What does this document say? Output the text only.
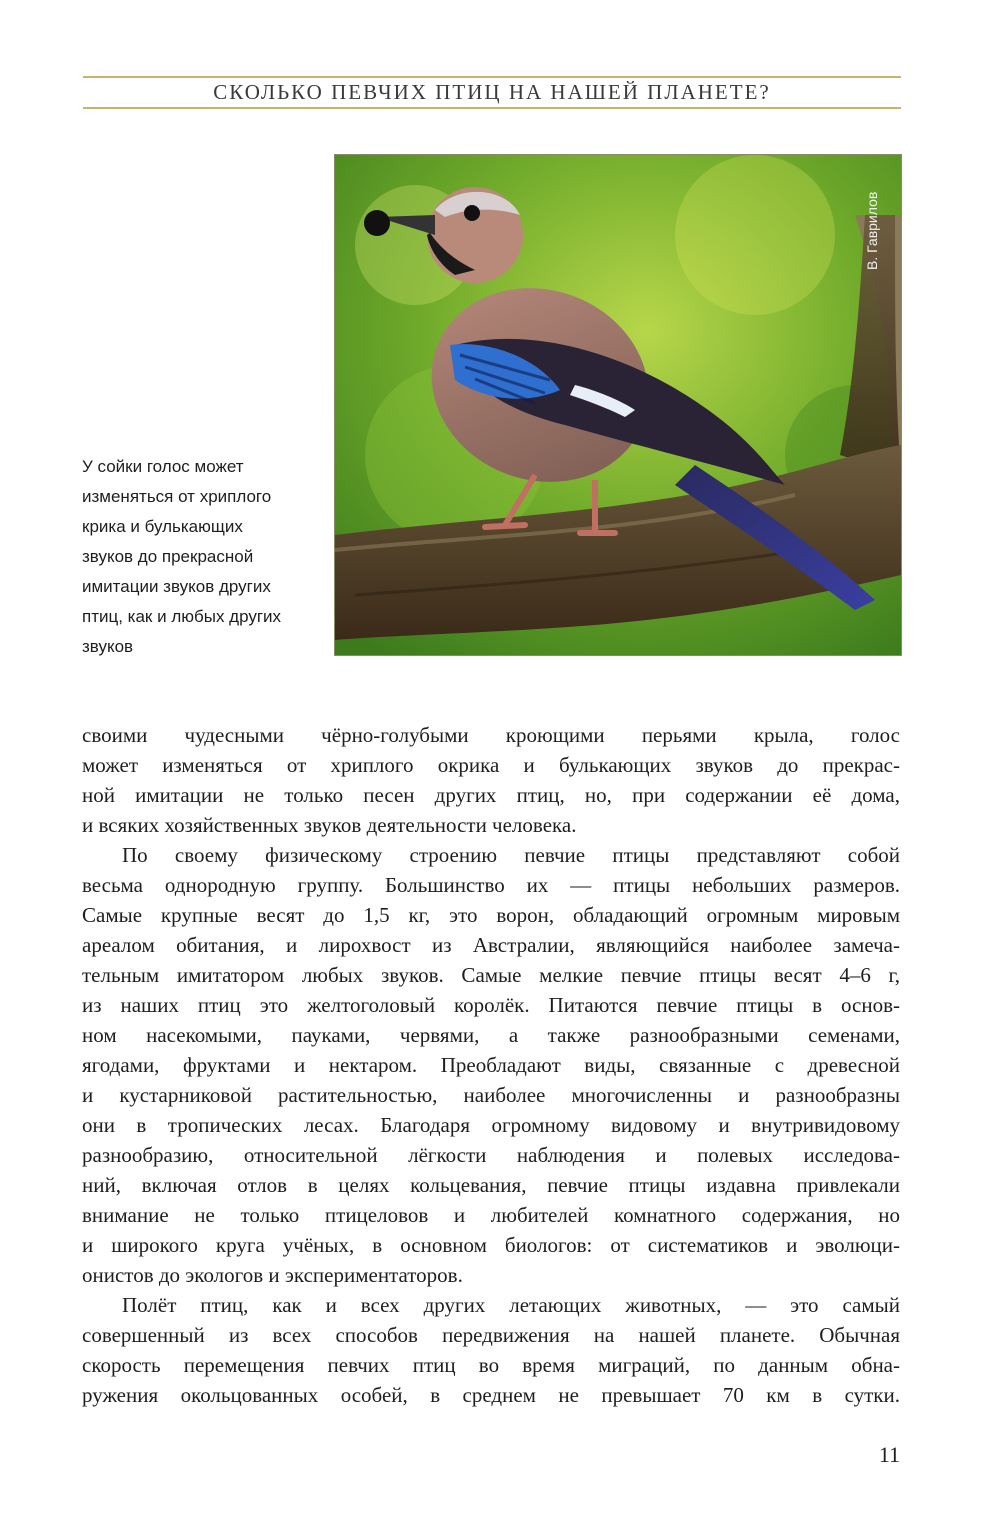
СКОЛЬКО ПЕВЧИХ ПТИЦ НА НАШЕЙ ПЛАНЕТЕ?
У сойки голос может
изменяться от хриплого
крика и булькающих
звуков до прекрасной
имитации звуков других
птиц, как и любых других
звуков
В. Гаврилов
своими чудесными чёрно-голубыми кроющими перьями крыла, голос
может изменяться от хриплого окрика и булькающих звуков до прекрас-
ной имитации не только песен других птиц, но, при содержании её дома,
и всяких хозяйственных звуков деятельности человека.
По своему физическому строению певчие птицы представляют собой
весьма однородную группу. Большинство их — птицы небольших размеров.
Самые крупные весят до 1,5 кг, это ворон, обладающий огромным мировым
ареалом обитания, и лирохвост из Австралии, являющийся наиболее замеча-
тельным имитатором любых звуков. Самые мелкие певчие птицы весят 4–6 г,
из наших птиц это желтоголовый королёк. Питаются певчие птицы в основ-
ном насекомыми, пауками, червями, а также разнообразными семенами,
ягодами, фруктами и нектаром. Преобладают виды, связанные с древесной
и кустарниковой растительностью, наиболее многочисленны и разнообразны
они в тропических лесах. Благодаря огромному видовому и внутривидовому
разнообразию, относительной лёгкости наблюдения и полевых исследова-
ний, включая отлов в целях кольцевания, певчие птицы издавна привлекали
внимание не только птицеловов и любителей комнатного содержания, но
и широкого круга учёных, в основном биологов: от систематиков и эволюци-
онистов до экологов и экспериментаторов.
Полёт птиц, как и всех других летающих животных, — это самый
совершенный из всех способов передвижения на нашей планете. Обычная
скорость перемещения певчих птиц во время миграций, по данным обна-
ружения окольцованных особей, в среднем не превышает 70 км в сутки.
11
